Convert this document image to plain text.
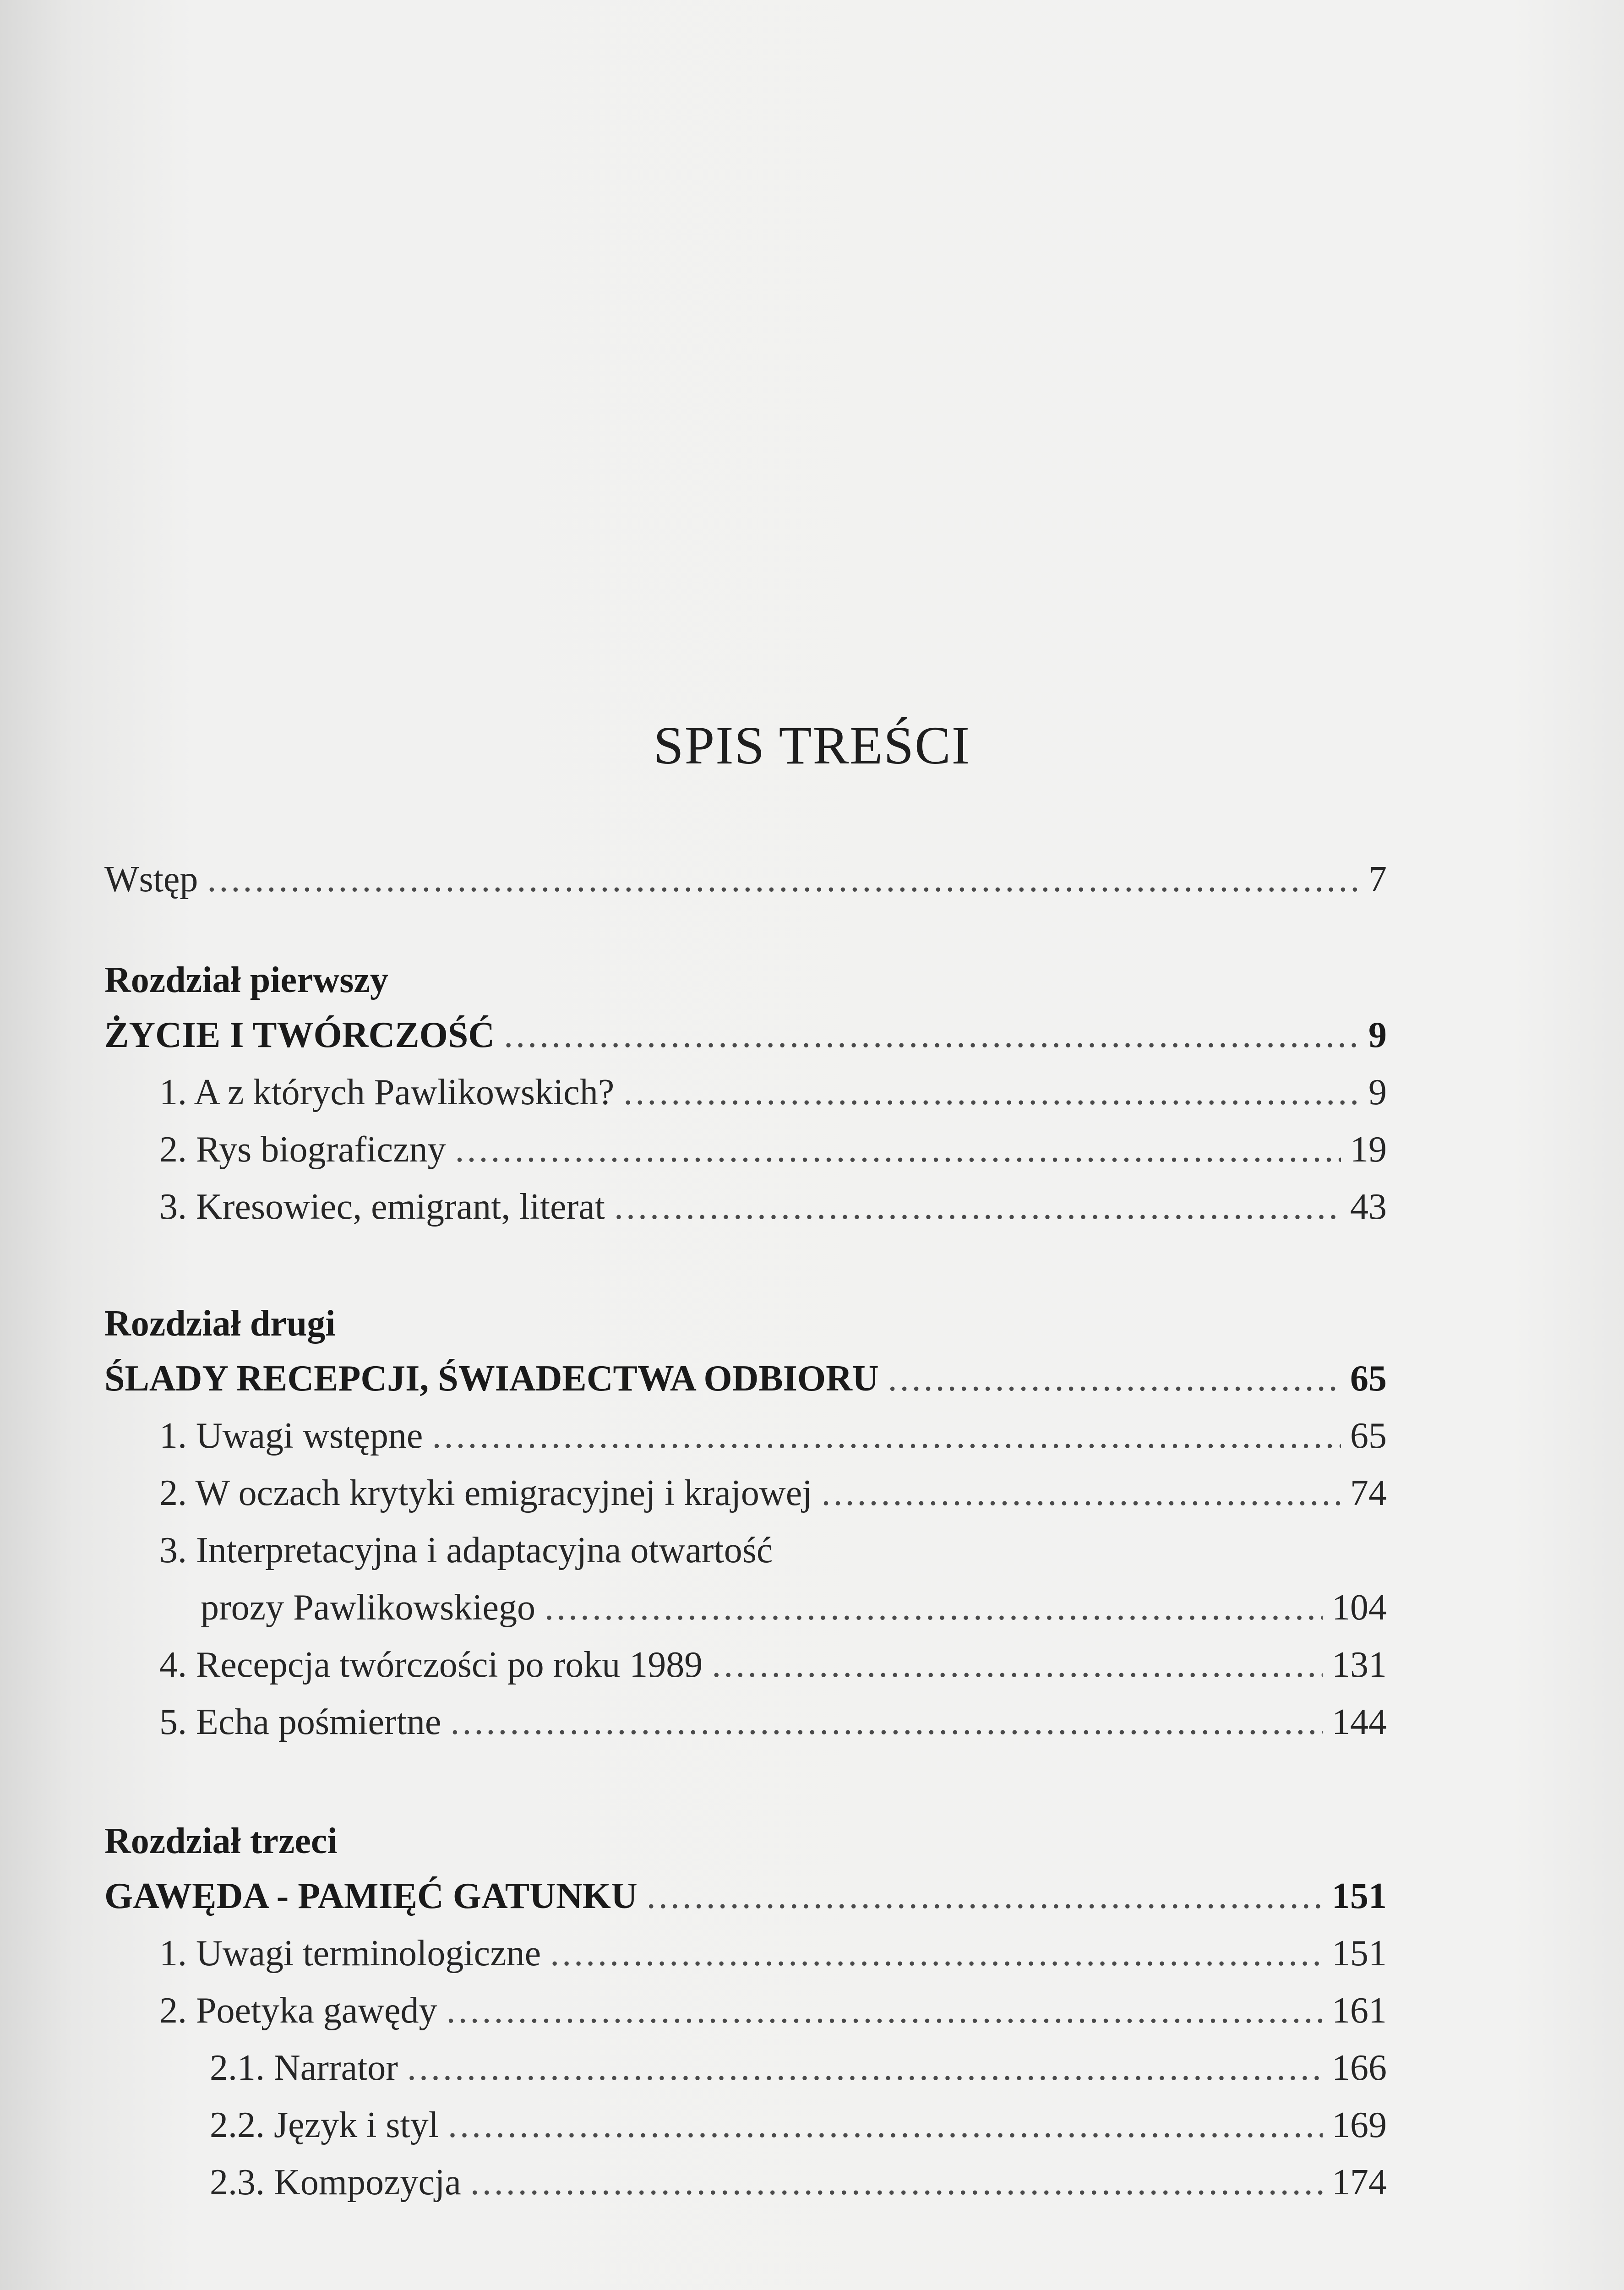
SPIS TREŚCI
Wstęp .....	7
Rozdział pierwszy
ŻYCIE I TWÓRCZOŚĆ .....	9
1. A z których Pawlikowskich? .....	9
2. Rys biograficzny .....	19
3. Kresowiec, emigrant, literat .....	43
Rozdział drugi
ŚLADY RECEPCJI, ŚWIADECTWA ODBIORU .....	65
1. Uwagi wstępne .....	65
2. W oczach krytyki emigracyjnej i krajowej .....	74
3. Interpretacyjna i adaptacyjna otwartość
prozy Pawlikowskiego .....	104
4. Recepcja twórczości po roku 1989 .....	131
5. Echa pośmiertne .....	144
Rozdział trzeci
GAWĘDA - PAMIĘĆ GATUNKU .....	151
1. Uwagi terminologiczne .....	151
2. Poetyka gawędy .....	161
2.1. Narrator .....	166
2.2. Język i styl .....	169
2.3. Kompozycja .....	174
